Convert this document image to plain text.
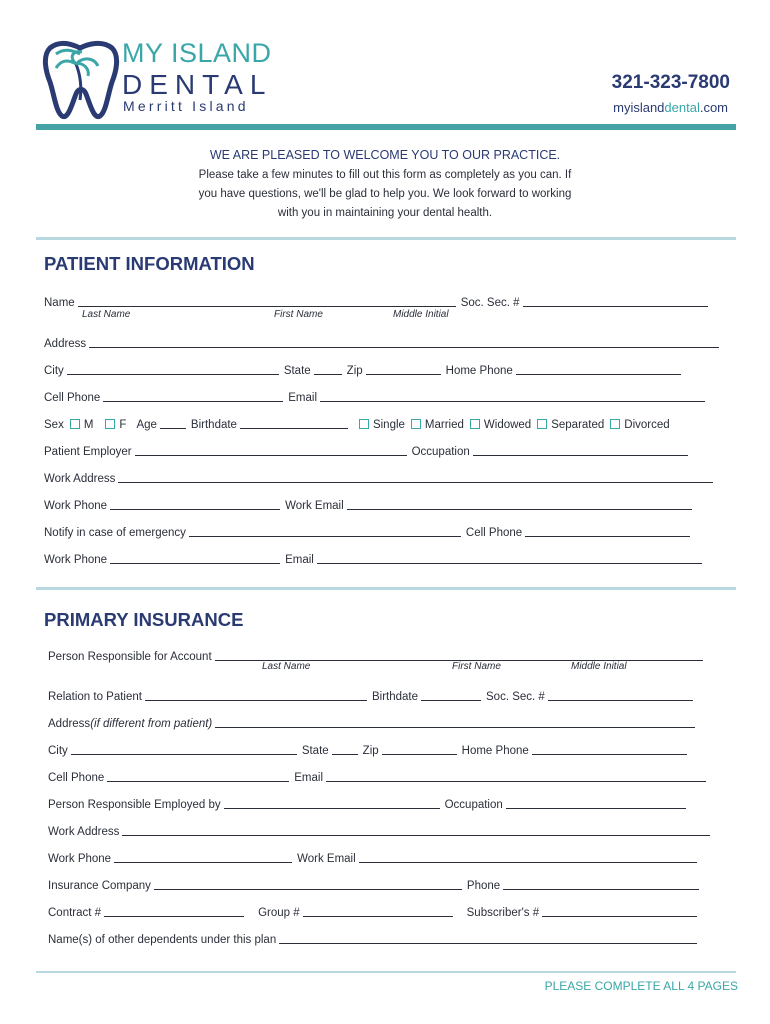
MY ISLAND
DENTAL
Merritt Island
321-323-7800
myislanddental.com
WE ARE PLEASED TO WELCOME YOU TO OUR PRACTICE.
Please take a few minutes to fill out this form as completely as you can. If you have questions, we'll be glad to help you. We look forward to working with you in maintaining your dental health.
PATIENT INFORMATION
Name	Soc. Sec. #
Last Name	First Name	Middle Initial
Address
City	State	Zip	Home Phone
Cell Phone	Email
Sex M F Age	Birthdate	Single Married Widowed Separated Divorced
Patient Employer	Occupation
Work Address
Work Phone	Work Email
Notify in case of emergency	Cell Phone
Work Phone	Email
PRIMARY INSURANCE
Person Responsible for Account
Last Name	First Name	Middle Initial
Relation to Patient	Birthdate	Soc. Sec. #
Address (if different from patient)
City	State	Zip	Home Phone
Cell Phone	Email
Person Responsible Employed by	Occupation
Work Address
Work Phone	Work Email
Insurance Company	Phone
Contract #	Group #	Subscriber's #
Name(s) of other dependents under this plan
PLEASE COMPLETE ALL 4 PAGES
